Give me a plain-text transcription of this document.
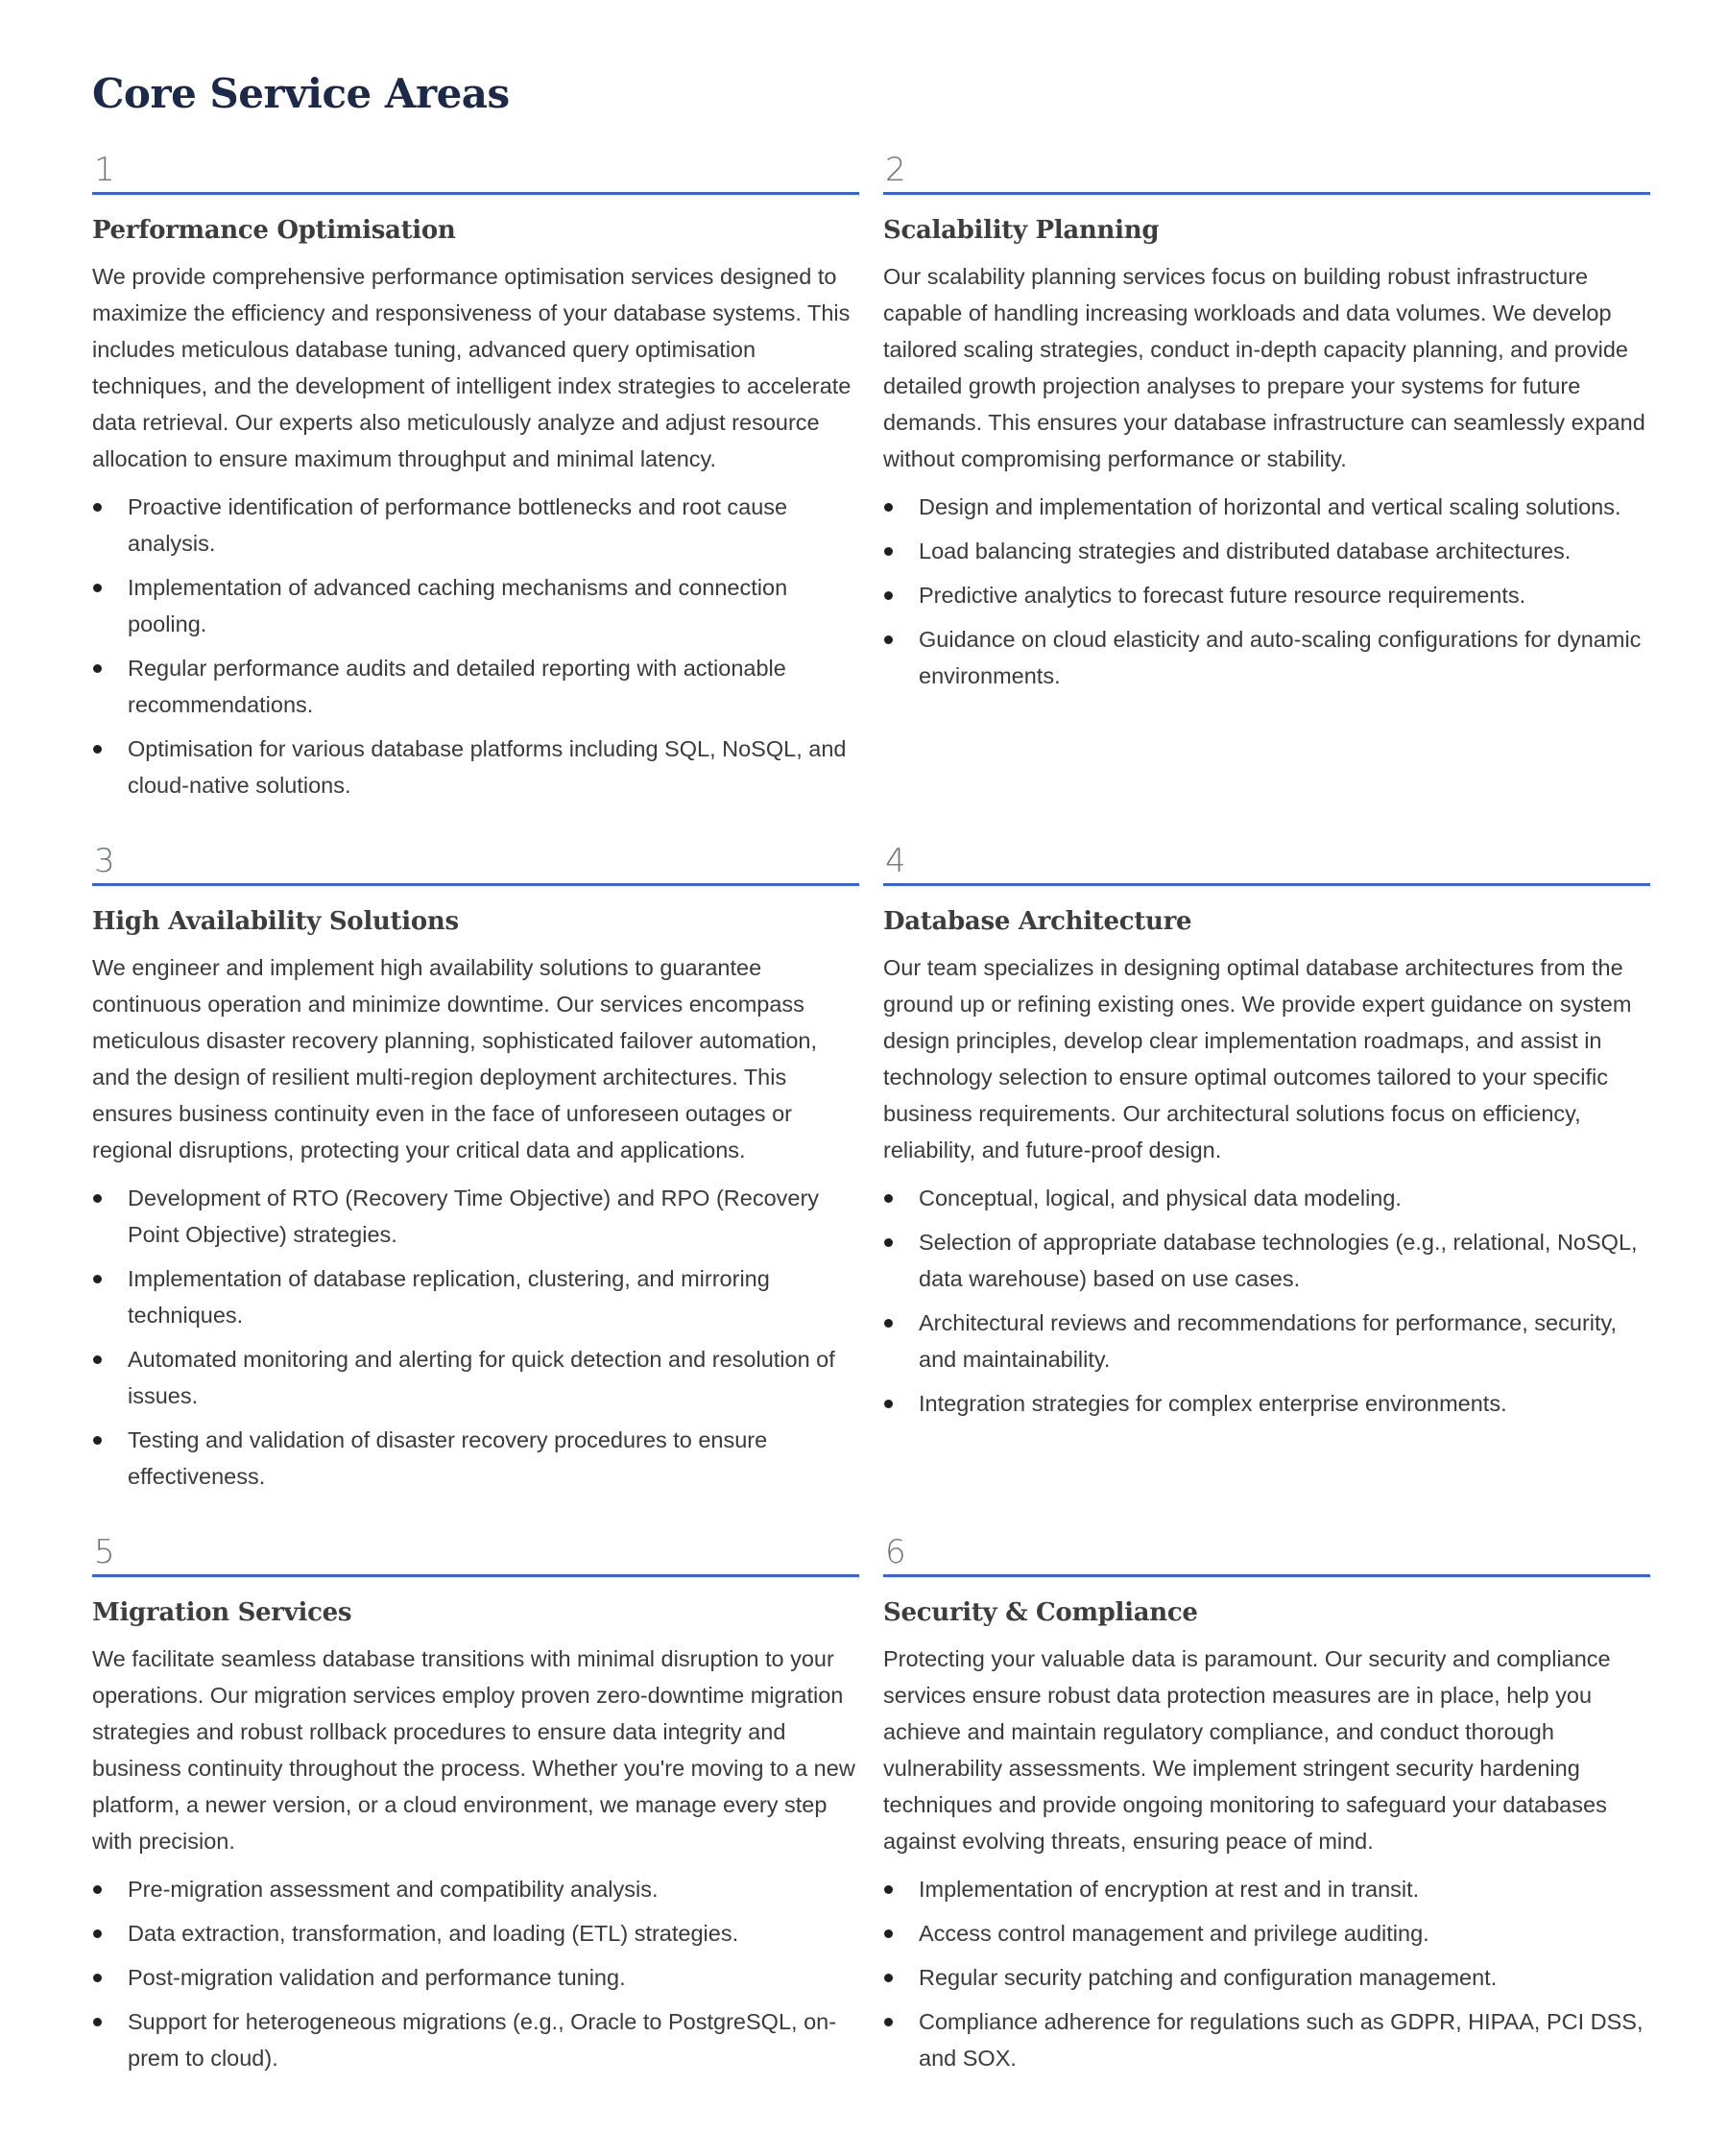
Core Service Areas
1
Performance Optimisation
We provide comprehensive performance optimisation services designed to maximize the efficiency and responsiveness of your database systems. This includes meticulous database tuning, advanced query optimisation techniques, and the development of intelligent index strategies to accelerate data retrieval. Our experts also meticulously analyze and adjust resource allocation to ensure maximum throughput and minimal latency.
Proactive identification of performance bottlenecks and root cause analysis.
Implementation of advanced caching mechanisms and connection pooling.
Regular performance audits and detailed reporting with actionable recommendations.
Optimisation for various database platforms including SQL, NoSQL, and cloud-native solutions.
2
Scalability Planning
Our scalability planning services focus on building robust infrastructure capable of handling increasing workloads and data volumes. We develop tailored scaling strategies, conduct in-depth capacity planning, and provide detailed growth projection analyses to prepare your systems for future demands. This ensures your database infrastructure can seamlessly expand without compromising performance or stability.
Design and implementation of horizontal and vertical scaling solutions.
Load balancing strategies and distributed database architectures.
Predictive analytics to forecast future resource requirements.
Guidance on cloud elasticity and auto-scaling configurations for dynamic environments.
3
High Availability Solutions
We engineer and implement high availability solutions to guarantee continuous operation and minimize downtime. Our services encompass meticulous disaster recovery planning, sophisticated failover automation, and the design of resilient multi-region deployment architectures. This ensures business continuity even in the face of unforeseen outages or regional disruptions, protecting your critical data and applications.
Development of RTO (Recovery Time Objective) and RPO (Recovery Point Objective) strategies.
Implementation of database replication, clustering, and mirroring techniques.
Automated monitoring and alerting for quick detection and resolution of issues.
Testing and validation of disaster recovery procedures to ensure effectiveness.
4
Database Architecture
Our team specializes in designing optimal database architectures from the ground up or refining existing ones. We provide expert guidance on system design principles, develop clear implementation roadmaps, and assist in technology selection to ensure optimal outcomes tailored to your specific business requirements. Our architectural solutions focus on efficiency, reliability, and future-proof design.
Conceptual, logical, and physical data modeling.
Selection of appropriate database technologies (e.g., relational, NoSQL, data warehouse) based on use cases.
Architectural reviews and recommendations for performance, security, and maintainability.
Integration strategies for complex enterprise environments.
5
Migration Services
We facilitate seamless database transitions with minimal disruption to your operations. Our migration services employ proven zero-downtime migration strategies and robust rollback procedures to ensure data integrity and business continuity throughout the process. Whether you're moving to a new platform, a newer version, or a cloud environment, we manage every step with precision.
Pre-migration assessment and compatibility analysis.
Data extraction, transformation, and loading (ETL) strategies.
Post-migration validation and performance tuning.
Support for heterogeneous migrations (e.g., Oracle to PostgreSQL, on-prem to cloud).
6
Security & Compliance
Protecting your valuable data is paramount. Our security and compliance services ensure robust data protection measures are in place, help you achieve and maintain regulatory compliance, and conduct thorough vulnerability assessments. We implement stringent security hardening techniques and provide ongoing monitoring to safeguard your databases against evolving threats, ensuring peace of mind.
Implementation of encryption at rest and in transit.
Access control management and privilege auditing.
Regular security patching and configuration management.
Compliance adherence for regulations such as GDPR, HIPAA, PCI DSS, and SOX.
